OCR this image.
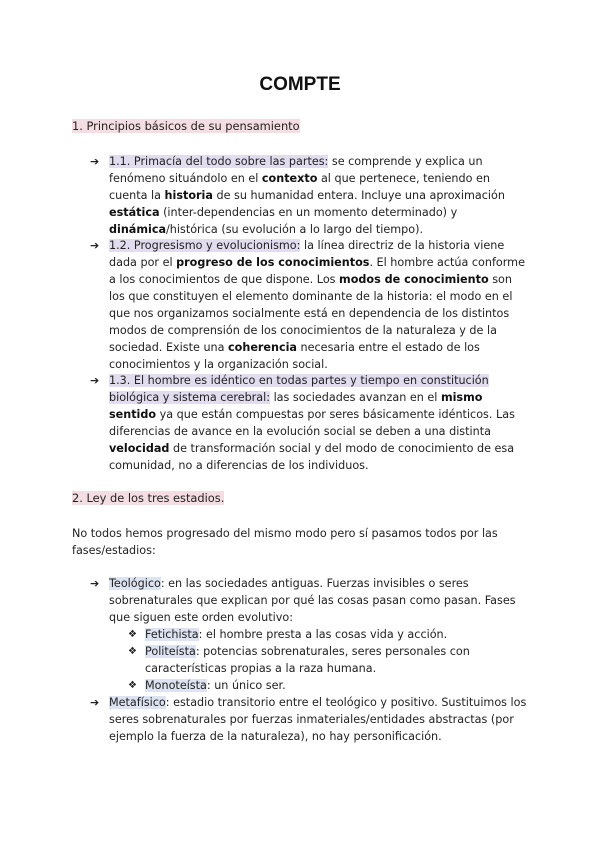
COMPTE
1. Principios básicos de su pensamiento
➔ 1.1. Primacía del todo sobre las partes: se comprende y explica un fenómeno situándolo en el contexto al que pertenece, teniendo en cuenta la historia de su humanidad entera. Incluye una aproximación estática (inter-dependencias en un momento determinado) y dinámica/histórica (su evolución a lo largo del tiempo).
➔ 1.2. Progresismo y evolucionismo: la línea directriz de la historia viene dada por el progreso de los conocimientos. El hombre actúa conforme a los conocimientos de que dispone. Los modos de conocimiento son los que constituyen el elemento dominante de la historia: el modo en el que nos organizamos socialmente está en dependencia de los distintos modos de comprensión de los conocimientos de la naturaleza y de la sociedad. Existe una coherencia necesaria entre el estado de los conocimientos y la organización social.
➔ 1.3. El hombre es idéntico en todas partes y tiempo en constitución biológica y sistema cerebral: las sociedades avanzan en el mismo sentido ya que están compuestas por seres básicamente idénticos. Las diferencias de avance en la evolución social se deben a una distinta velocidad de transformación social y del modo de conocimiento de esa comunidad, no a diferencias de los individuos.
2. Ley de los tres estadios.
No todos hemos progresado del mismo modo pero sí pasamos todos por las fases/estadios:
➔ Teológico: en las sociedades antiguas. Fuerzas invisibles o seres sobrenaturales que explican por qué las cosas pasan como pasan. Fases que siguen este orden evolutivo:
❖ Fetichista: el hombre presta a las cosas vida y acción.
❖ Politeísta: potencias sobrenaturales, seres personales con características propias a la raza humana.
❖ Monoteísta: un único ser.
➔ Metafísico: estadio transitorio entre el teológico y positivo. Sustituimos los seres sobrenaturales por fuerzas inmateriales/entidades abstractas (por ejemplo la fuerza de la naturaleza), no hay personificación.
